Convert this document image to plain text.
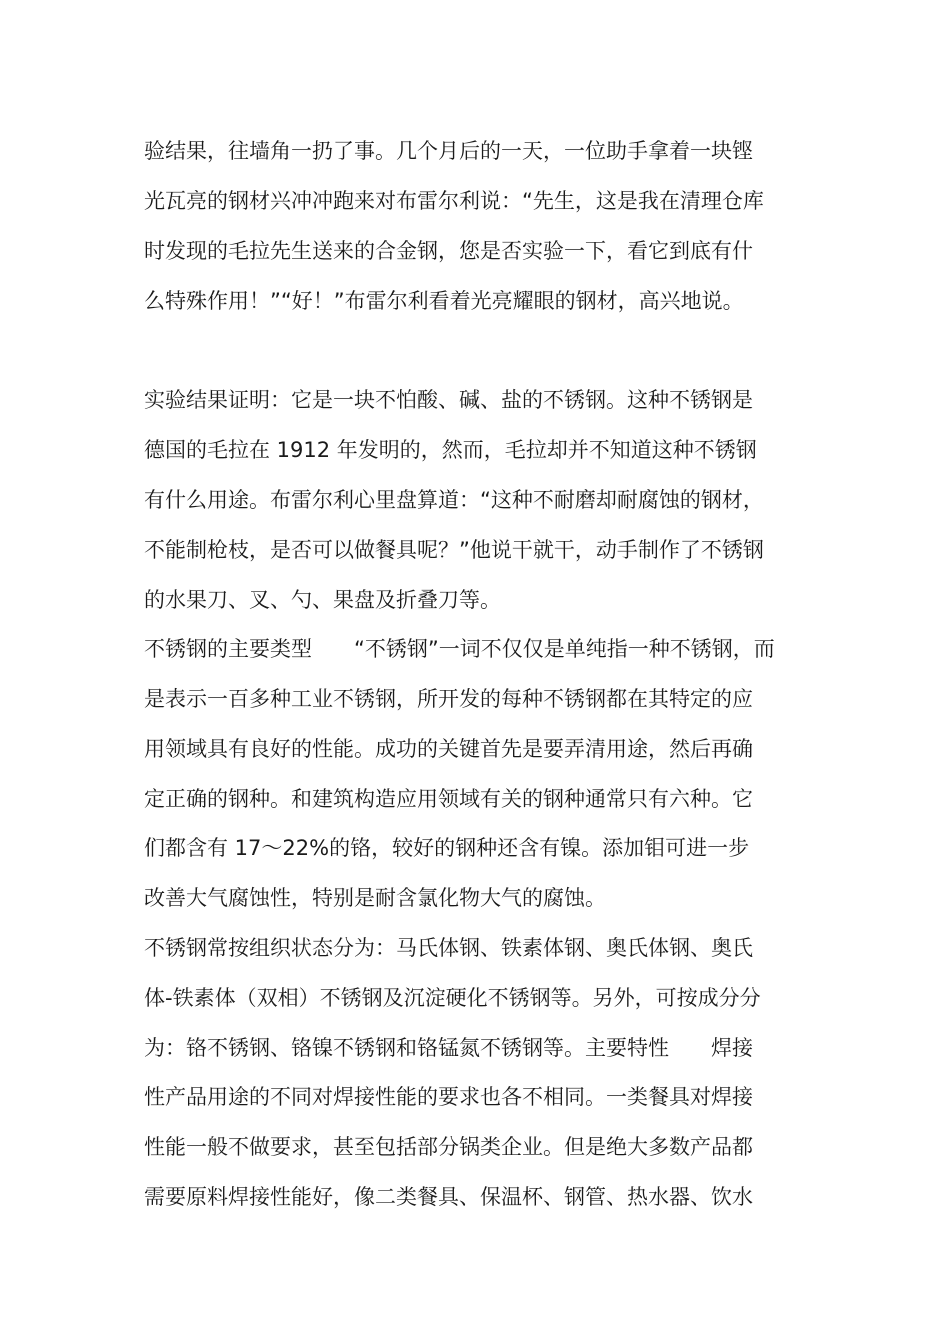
验结果，往墙角一扔了事。几个月后的一天，一位助手拿着一块铿
光瓦亮的钢材兴冲冲跑来对布雷尔利说：“先生，这是我在清理仓库
时发现的毛拉先生送来的合金钢，您是否实验一下，看它到底有什
么特殊作用！”“好！”布雷尔利看着光亮耀眼的钢材，高兴地说。
实验结果证明：它是一块不怕酸、碱、盐的不锈钢。这种不锈钢是
德国的毛拉在 1912 年发明的，然而，毛拉却并不知道这种不锈钢
有什么用途。布雷尔利心里盘算道：“这种不耐磨却耐腐蚀的钢材，
不能制枪枝，是否可以做餐具呢？”他说干就干，动手制作了不锈钢
的水果刀、叉、勺、果盘及折叠刀等。
不锈钢的主要类型　　“不锈钢”一词不仅仅是单纯指一种不锈钢，而
是表示一百多种工业不锈钢，所开发的每种不锈钢都在其特定的应
用领域具有良好的性能。成功的关键首先是要弄清用途，然后再确
定正确的钢种。和建筑构造应用领域有关的钢种通常只有六种。它
们都含有 17～22%的铬，较好的钢种还含有镍。添加钼可进一步
改善大气腐蚀性，特别是耐含氯化物大气的腐蚀。
不锈钢常按组织状态分为：马氏体钢、铁素体钢、奥氏体钢、奥氏
体-铁素体（双相）不锈钢及沉淀硬化不锈钢等。另外，可按成分分
为：铬不锈钢、铬镍不锈钢和铬锰氮不锈钢等。主要特性　　焊接
性产品用途的不同对焊接性能的要求也各不相同。一类餐具对焊接
性能一般不做要求，甚至包括部分锅类企业。但是绝大多数产品都
需要原料焊接性能好，像二类餐具、保温杯、钢管、热水器、饮水
